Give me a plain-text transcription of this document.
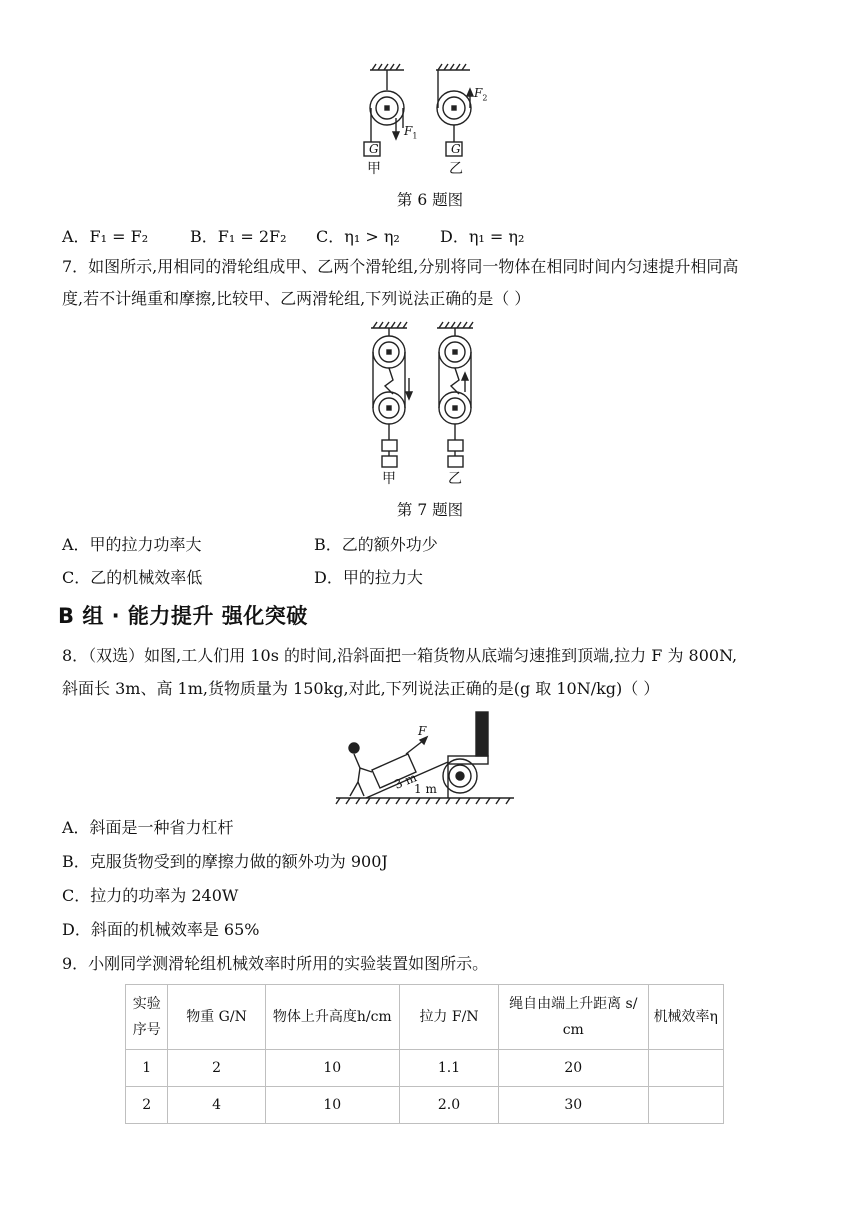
$F_1$
$F_2$
G	G
甲	乙
第 6 题图
A．F₁ = F₂	B．F₁ = 2F₂ C．η₁ > η₂	D．η₁ = η₂
7．如图所示,用相同的滑轮组成甲、乙两个滑轮组,分别将同一物体在相同时间内匀速提升相同高
度,若不计绳重和摩擦,比较甲、乙两滑轮组,下列说法正确的是（ ）
甲	乙
第 7 题图
A．甲的拉力功率大	B．乙的额外功少
C．乙的机械效率低	D．甲的拉力大
B 组 · 能力提升 强化突破
8．（双选）如图,工人们用 10s 的时间,沿斜面把一箱货物从底端匀速推到顶端,拉力 F 为 800N,
斜面长 3m、高 1m,货物质量为 150kg,对此,下列说法正确的是(g 取 10N/kg)（ ）
F
3 m
1 m
A．斜面是一种省力杠杆
B．克服货物受到的摩擦力做的额外功为 900J
C．拉力的功率为 240W
D．斜面的机械效率是 65%
9．小刚同学测滑轮组机械效率时所用的实验装置如图所示。
实验
序号	物重 G/N	物体上升高度h/cm	拉力 F/N	绳自由端上升距离 s/
cm	机械效率η
1	2	10	1.1	20	
2	4	10	2.0	30	
